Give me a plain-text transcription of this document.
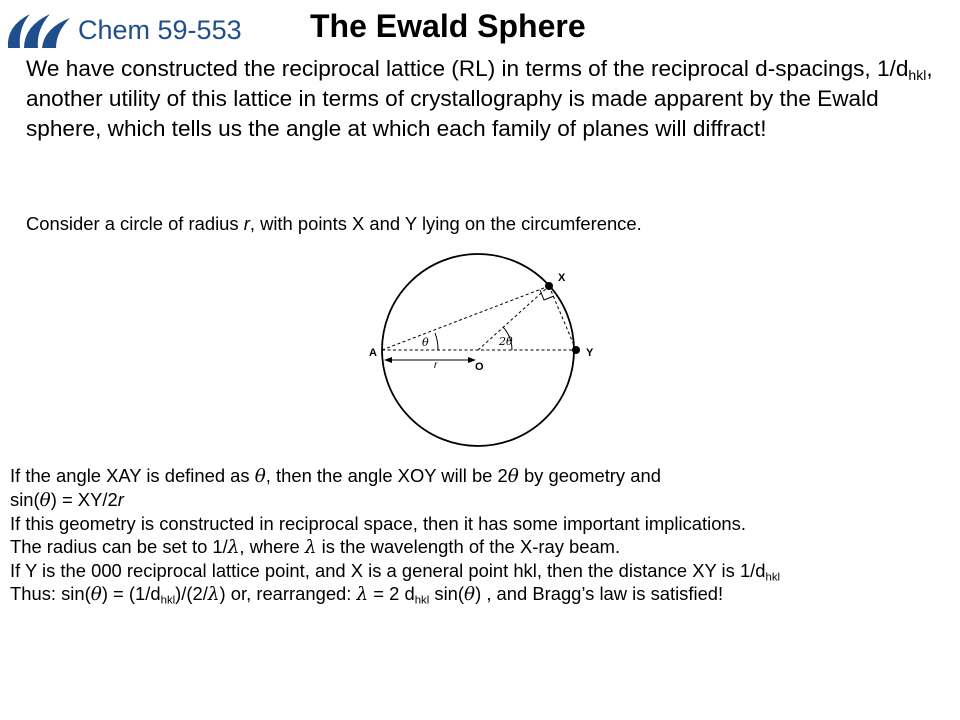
Chem 59-553 The Ewald Sphere
We have constructed the reciprocal lattice (RL) in terms of the reciprocal d-spacings, $1/d_{hkl}$, another utility of this lattice in terms of crystallography is made apparent by the Ewald sphere, which tells us the angle at which each family of planes will diffract!
Consider a circle of radius r, with points X and Y lying on the circumference.
A
O
X
Y
θ	2θ
r
If the angle XAY is defined as θ, then the angle XOY will be 2θ by geometry and
sin(θ) = XY/2r
If this geometry is constructed in reciprocal space, then it has some important implications.
The radius can be set to 1/λ, where λ is the wavelength of the X-ray beam.
If Y is the 000 reciprocal lattice point, and X is a general point hkl, then the distance XY is $1/d_{hkl}$
Thus: $\sin(\theta) = (1/d_{hkl})/(2/\lambda)$ or, rearranged: λ = 2 $d_{hkl}$ sin(θ) , and Bragg’s law is satisfied!
